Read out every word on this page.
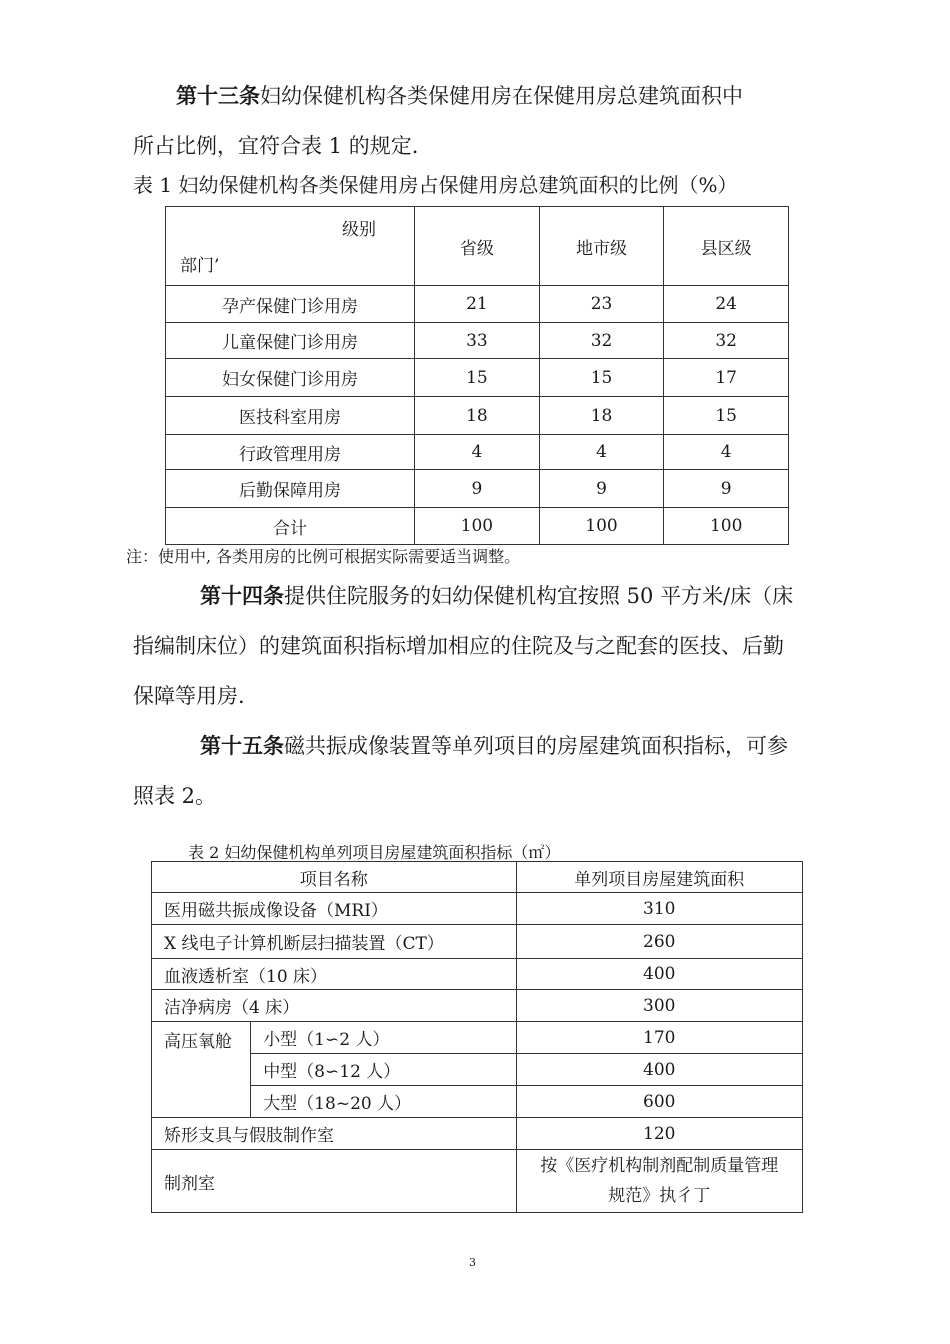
第十三条妇幼保健机构各类保健用房在保健用房总建筑面积中
所占比例，宜符合表 1 的规定.
表 1 妇幼保健机构各类保健用房占保健用房总建筑面积的比例（%）
级别
部门’	省级	地市级	县区级
孕产保健门诊用房	21	23	24
儿童保健门诊用房	33	32	32
妇女保健门诊用房	15	15	17
医技科室用房	18	18	15
行政管理用房	4	4	4
后勤保障用房	9	9	9
合计	100	100	100
注：使用中, 各类用房的比例可根据实际需要适当调整。
第十四条提供住院服务的妇幼保健机构宜按照 50 平方米/床（床
指编制床位）的建筑面积指标增加相应的住院及与之配套的医技、后勤
保障等用房.
第十五条磁共振成像装置等单列项目的房屋建筑面积指标，可参
照表 2。
表 2 妇幼保健机构单列项目房屋建筑面积指标（㎡）
项目名称		单列项目房屋建筑面积
医用磁共振成像设备（MRI）		310
X 线电子计算机断层扫描装置（CT）		260
血液透析室（10 床）		400
洁净病房（4 床）		300
高压氧舱	小型（1∽2 人）	170
	中型（8∽12 人）	400
	大型（18~20 人）	600
矫形支具与假肢制作室		120
制剂室		按《医疗机构制剂配制质量管理
规范》执彳丁
3
